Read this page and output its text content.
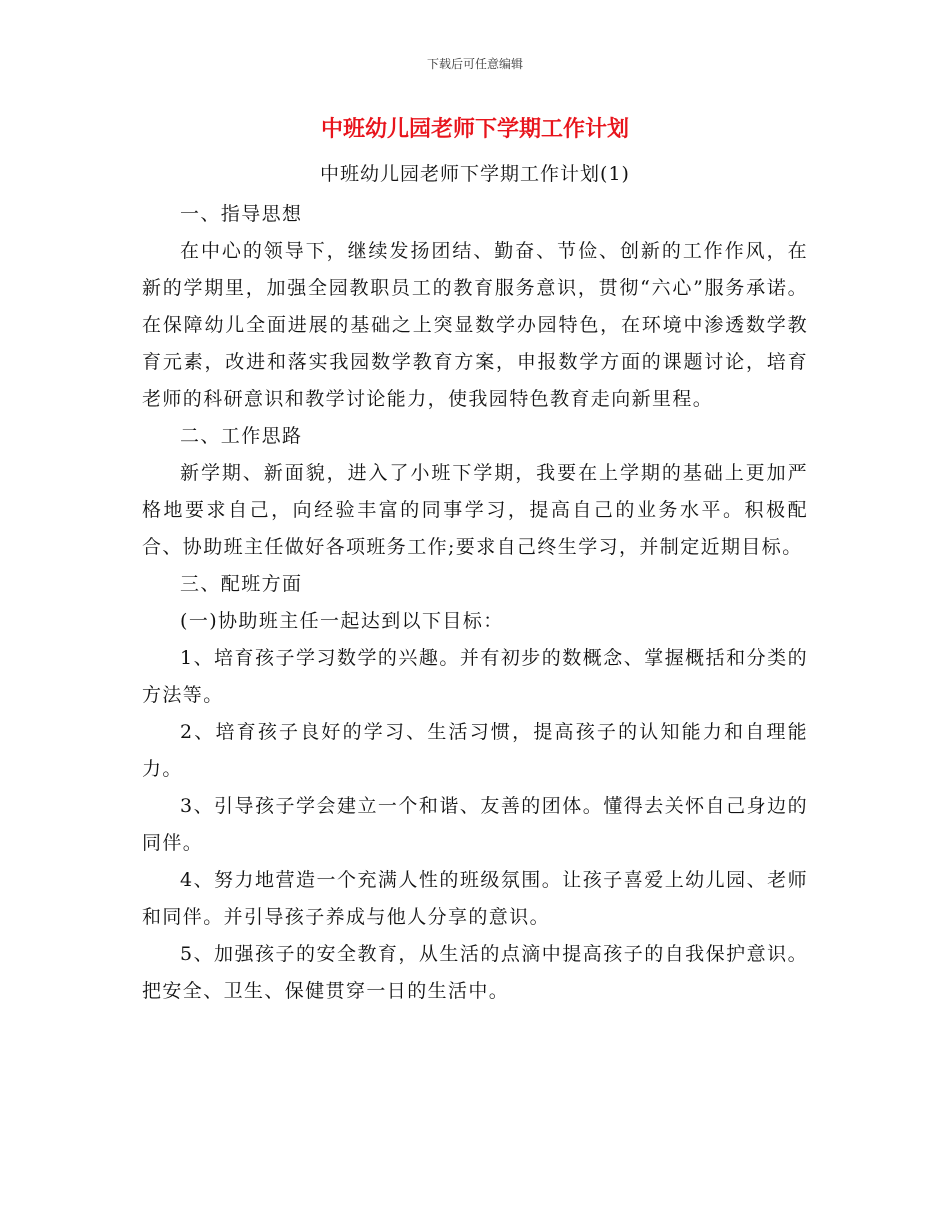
下载后可任意编辑
中班幼儿园老师下学期工作计划
中班幼儿园老师下学期工作计划(1)

一、指导思想

在中心的领导下，继续发扬团结、勤奋、节俭、创新的工作作风，在新的学期里，加强全园教职员工的教育服务意识，贯彻“六心”服务承诺。在保障幼儿全面进展的基础之上突显数学办园特色，在环境中渗透数学教育元素，改进和落实我园数学教育方案，申报数学方面的课题讨论，培育老师的科研意识和教学讨论能力，使我园特色教育走向新里程。

二、工作思路

新学期、新面貌，进入了小班下学期，我要在上学期的基础上更加严格地要求自己，向经验丰富的同事学习，提高自己的业务水平。积极配合、协助班主任做好各项班务工作;要求自己终生学习，并制定近期目标。

三、配班方面

(一)协助班主任一起达到以下目标：

1、培育孩子学习数学的兴趣。并有初步的数概念、掌握概括和分类的方法等。

2、培育孩子良好的学习、生活习惯，提高孩子的认知能力和自理能力。

3、引导孩子学会建立一个和谐、友善的团体。懂得去关怀自己身边的同伴。

4、努力地营造一个充满人性的班级氛围。让孩子喜爱上幼儿园、老师和同伴。并引导孩子养成与他人分享的意识。

5、加强孩子的安全教育，从生活的点滴中提高孩子的自我保护意识。把安全、卫生、保健贯穿一日的生活中。
